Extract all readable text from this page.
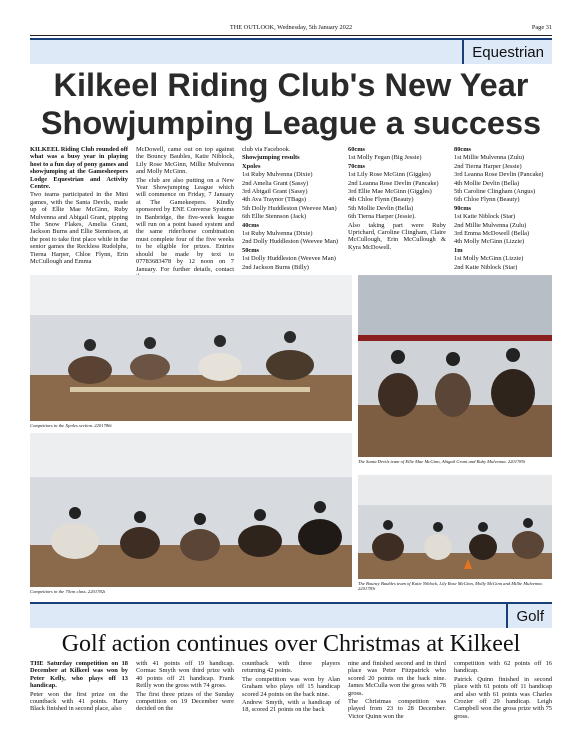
THE OUTLOOK, Wednesday, 5th January 2022	Page 31
Equestrian
Kilkeel Riding Club's New Year
Showjumping League a success

KILKEEL Riding Club rounded off what was a busy year in playing host to a fun day of pony games and showjumping at the Gamesheepers Lodge Equestrian and Activity Centre.

Two teams participated in the Mini games, with the Santa Devils, made up of Ellie Mae McGinn, Ruby Mulvenna and Abigail Grant, pipping The Snow Flakes, Amelia Grant, Jackson Burns and Ellie Stennison, at the post to take first place while in the senior games the Reckless Rudolphs, Tierna Harper, Chloe Flynn, Erin McCullough and Emma

McDowell, came out on top against the Bouncy Baubles, Katie Niblock, Lily Rose McGinn, Millie Mulvenna and Molly McGinn.

The club are also putting on a New Year Showjumping League which will commence on Friday, 7 January at The Gamekeepers. Kindly sponsored by ENE Converse Systems in Banbridge, the five-week league will run on a point based system and the same rider/horse combination must complete four of the five weeks to be eligible for prizes. Entries should be made by text to 07783683478 by 12 noon on 7 January. For further details, contact

club via Facebook.

Showjumping results

Xpoles

1st Ruby Mulvenna (Dixie)

2nd Amelia Grant (Sassy)

3rd Abigail Grant (Sassy)

4th Ava Traynor (TBags)

5th Dolly Huddleston (Weevee Man)

6th Ellie Stennson (Jack)

40cms

1st Ruby Mulvenna (Dixie)

2nd Dolly Huddleston (Weevee Man)

50cms

1st Dolly Huddleston (Weevee Man)

2nd Jackson Burns (Billy)

60cms

1st Molly Fegan (Big Jessie)

70cms

1st Lily Rose McGinn (Giggles)

2nd Leanna Rose Devlin (Pancake)

3rd Ellie Mae McGinn (Giggles)

4th Chloe Flynn (Beauty)

5th Mollie Devlin (Bella)

6th Tierna Harper (Jessie).

Also taking part were Ruby Uprichard, Caroline Clingham, Claire McCullough, Erin McCullough & Kyra McDowell.

80cms

1st Millie Mulvenna (Zulu)

2nd Tierna Harper (Jessie)

3rd Leanna Rose Devlin (Pancake)

4th Mollie Devlin (Bella)

5th Caroline Clingham (Angus)

6th Chloe Flynn (Beauty)

90cms

1st Katie Niblock (Star)

2nd Millie Mulvenna (Zulu)

3rd Emma McDowell (Bella)

4th Molly McGinn (Lizzie)

1m

1st Molly McGinn (Lizzie)

2nd Katie Niblock (Star)

Competitors in the Xpoles section. 2201786i
The Santa Devils team of Ellie Mae McGinn, Abigail Grant and Ruby Mulvenna. 2201785i
Competitors in the 70cm class. 2201782i
The Bouncy Baubles team of Katie Niblock, Lily Rose McGinn, Molly McGinn and Millie Mulvenna. 2201783i
Golf
Golf action continues over Christmas at Kilkeel

THE Saturday competition on 18 December at Kilkeel was won by Peter Kelly, who plays off 13 handicap.

Peter won the first prize on the countback with 41 points. Harry Black finished in second place, also

with 41 points off 19 handicap. Cormac Smyth won third prize with 40 points off 21 handicap. Frank Reilly won the gross with 74 gross.

The first three prizes of the Sunday competition on 19 December were decided on the

countback with three players returning 42 points.

The competition was won by Alan Graham who plays off 15 handicap scored 24 points on the back nine.

Andrew Smyth, with a handicap of 18, scored 21 points on the back

nine and finished second and in third place was Peter Fitzpatrick who scored 20 points on the back nine. James McCulla won the gross with 78 gross.

The Christmas competition was played from 23 to 28 December. Victor Quinn won the

competition with 62 points off 16 handicap.

Patrick Quinn finished in second place with 61 points off 11 handicap and also with 61 points was Charles Crozier off 29 handicap. Leigh Campbell won the gross prize with 75 gross.
